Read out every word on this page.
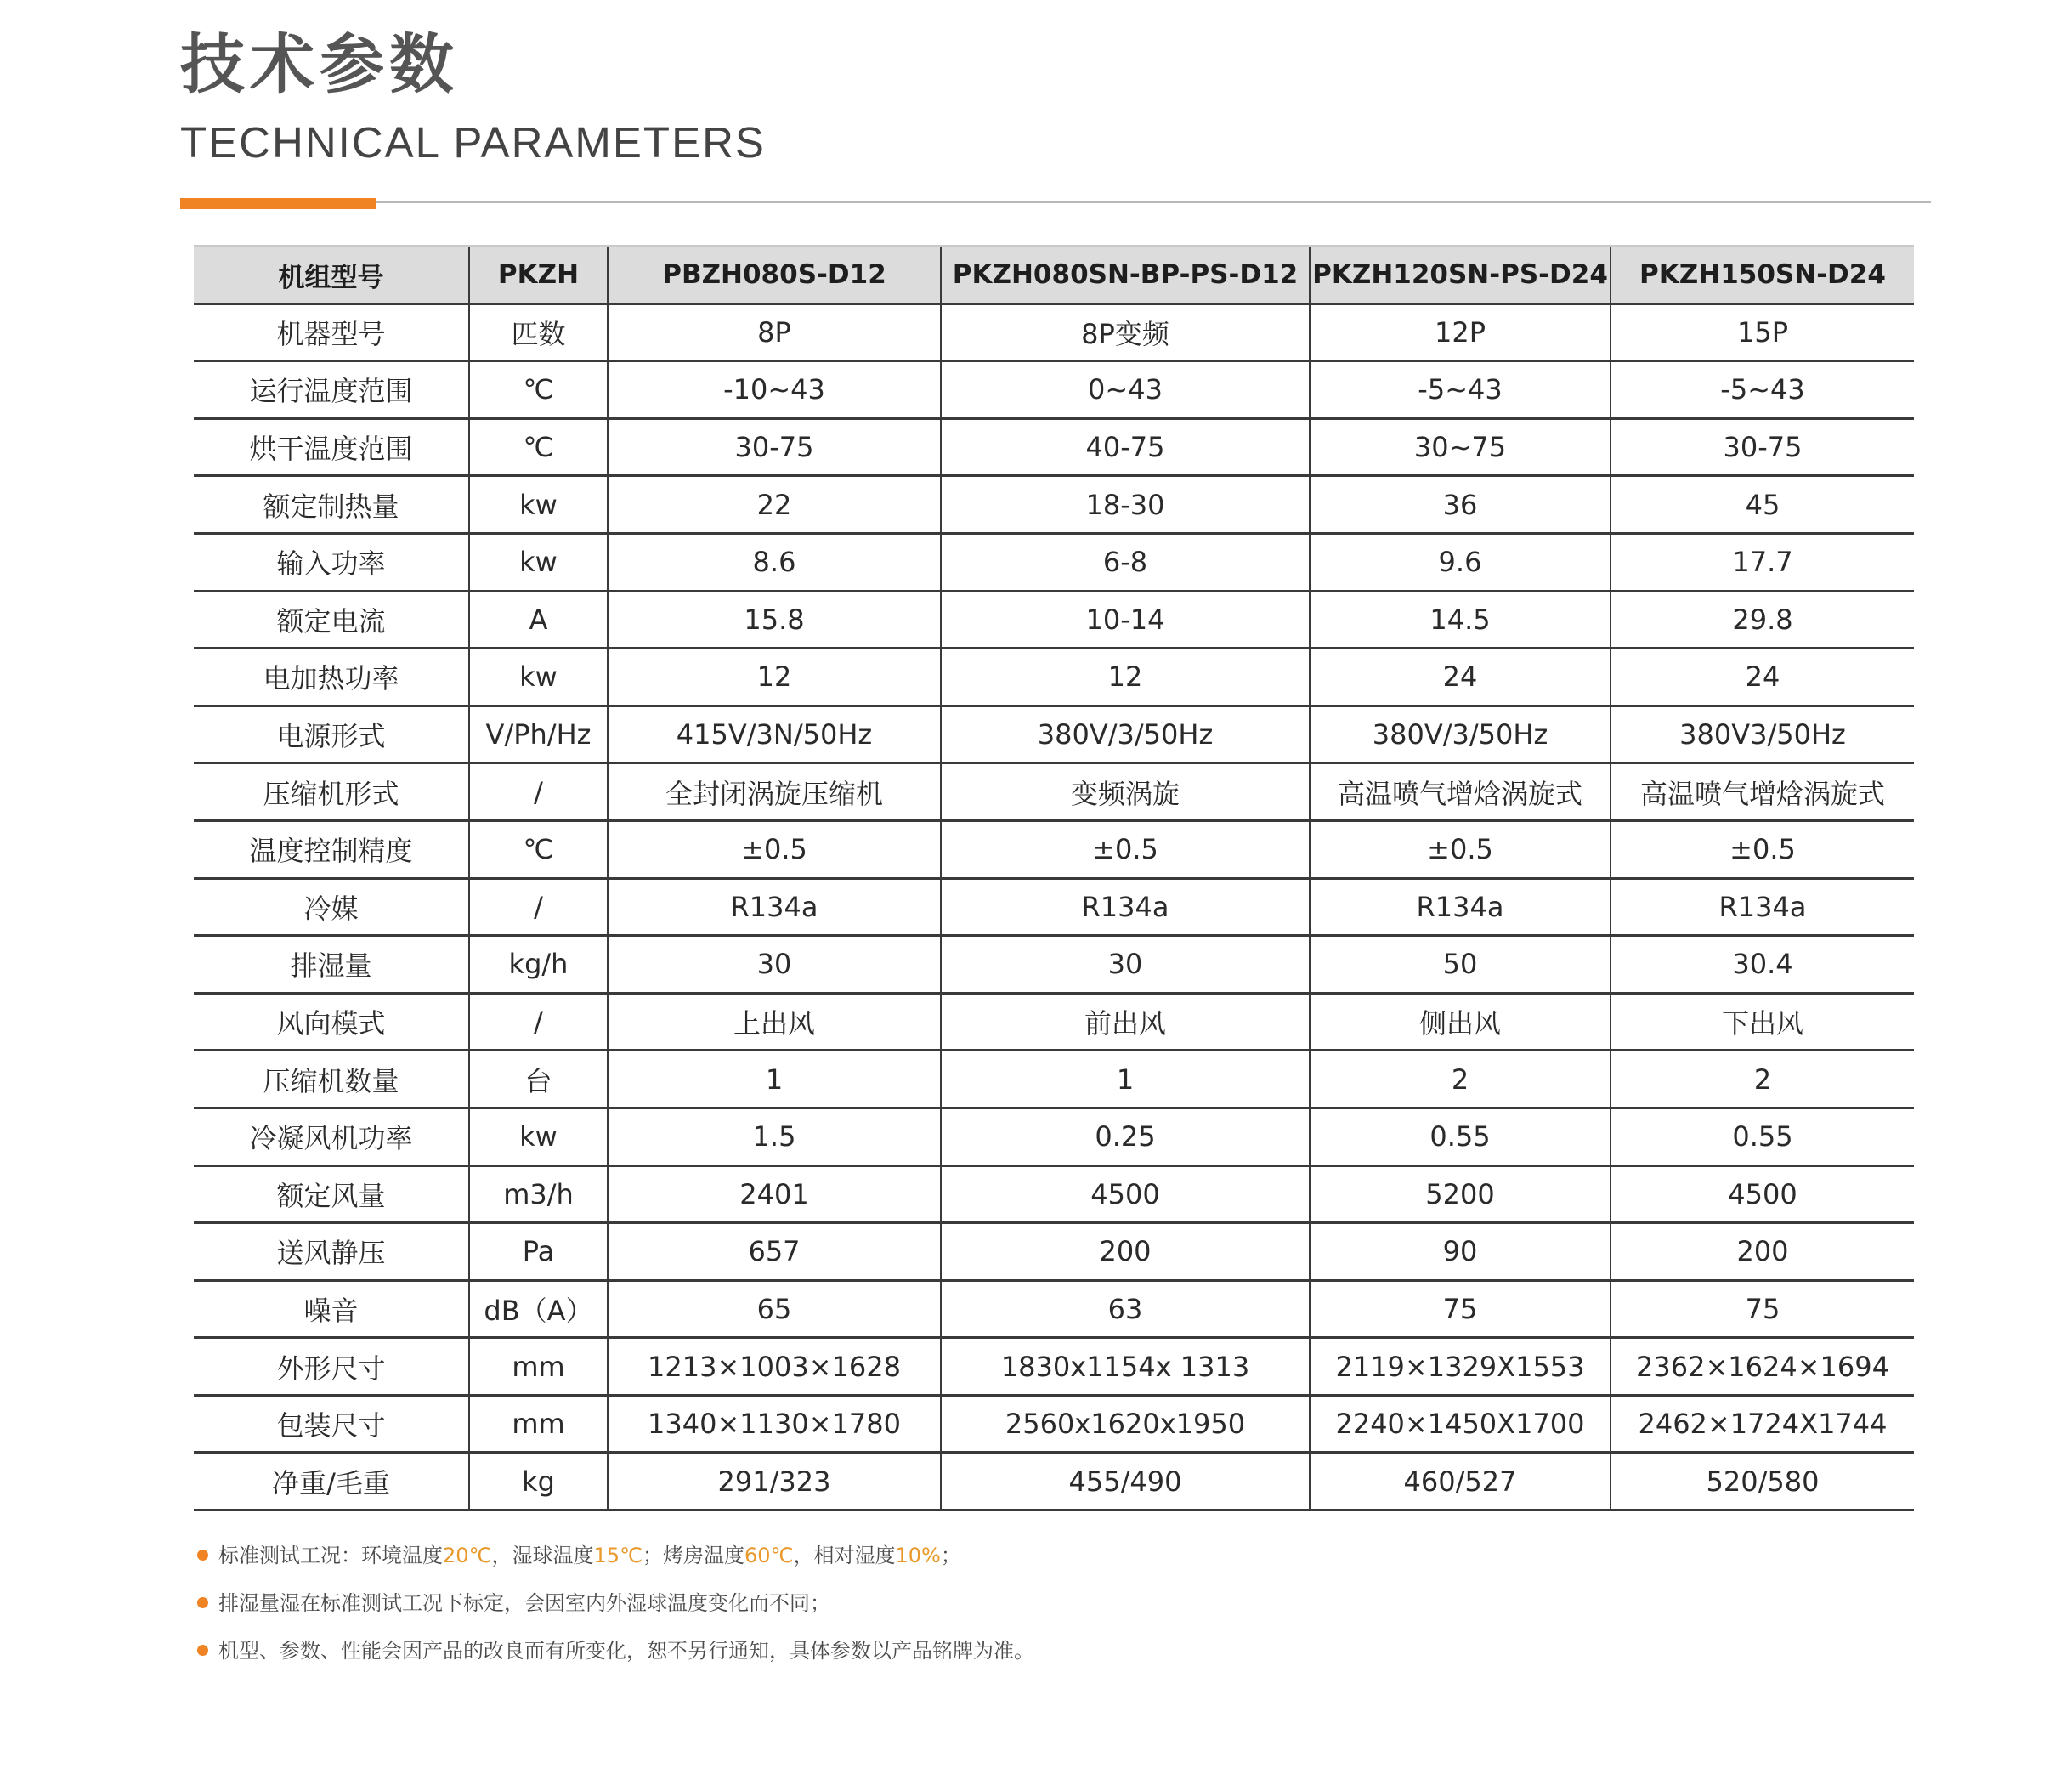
技术参数
TECHNICAL PARAMETERS
机组型号	PKZH	PBZH080S-D12	PKZH080SN-BP-PS-D12	PKZH120SN-PS-D24	PKZH150SN-D24
机器型号	匹数	8P	8P变频	12P	15P
运行温度范围	℃	-10~43	0~43	-5~43	-5~43
烘干温度范围	℃	30-75	40-75	30~75	30-75
额定制热量	kw	22	18-30	36	45
输入功率	kw	8.6	6-8	9.6	17.7
额定电流	A	15.8	10-14	14.5	29.8
电加热功率	kw	12	12	24	24
电源形式	V/Ph/Hz	415V/3N/50Hz	380V/3/50Hz	380V/3/50Hz	380V3/50Hz
压缩机形式	/	全封闭涡旋压缩机	变频涡旋	高温喷气增焓涡旋式	高温喷气增焓涡旋式
温度控制精度	℃	±0.5	±0.5	±0.5	±0.5
冷媒	/	R134a	R134a	R134a	R134a
排湿量	kg/h	30	30	50	30.4
风向模式	/	上出风	前出风	侧出风	下出风
压缩机数量	台	1	1	2	2
冷凝风机功率	kw	1.5	0.25	0.55	0.55
额定风量	m3/h	2401	4500	5200	4500
送风静压	Pa	657	200	90	200
噪音	dB（A）	65	63	75	75
外形尺寸	mm	1213×1003×1628	1830x1154x 1313	2119×1329X1553	2362×1624×1694
包装尺寸	mm	1340×1130×1780	2560x1620x1950	2240×1450X1700	2462×1724X1744
净重/毛重	kg	291/323	455/490	460/527	520/580
标准测试工况：环境温度20℃，湿球温度15℃；烤房温度60℃，相对湿度10%；
排湿量湿在标准测试工况下标定，会因室内外湿球温度变化而不同；
机型、参数、性能会因产品的改良而有所变化，恕不另行通知，具体参数以产品铭牌为准。
